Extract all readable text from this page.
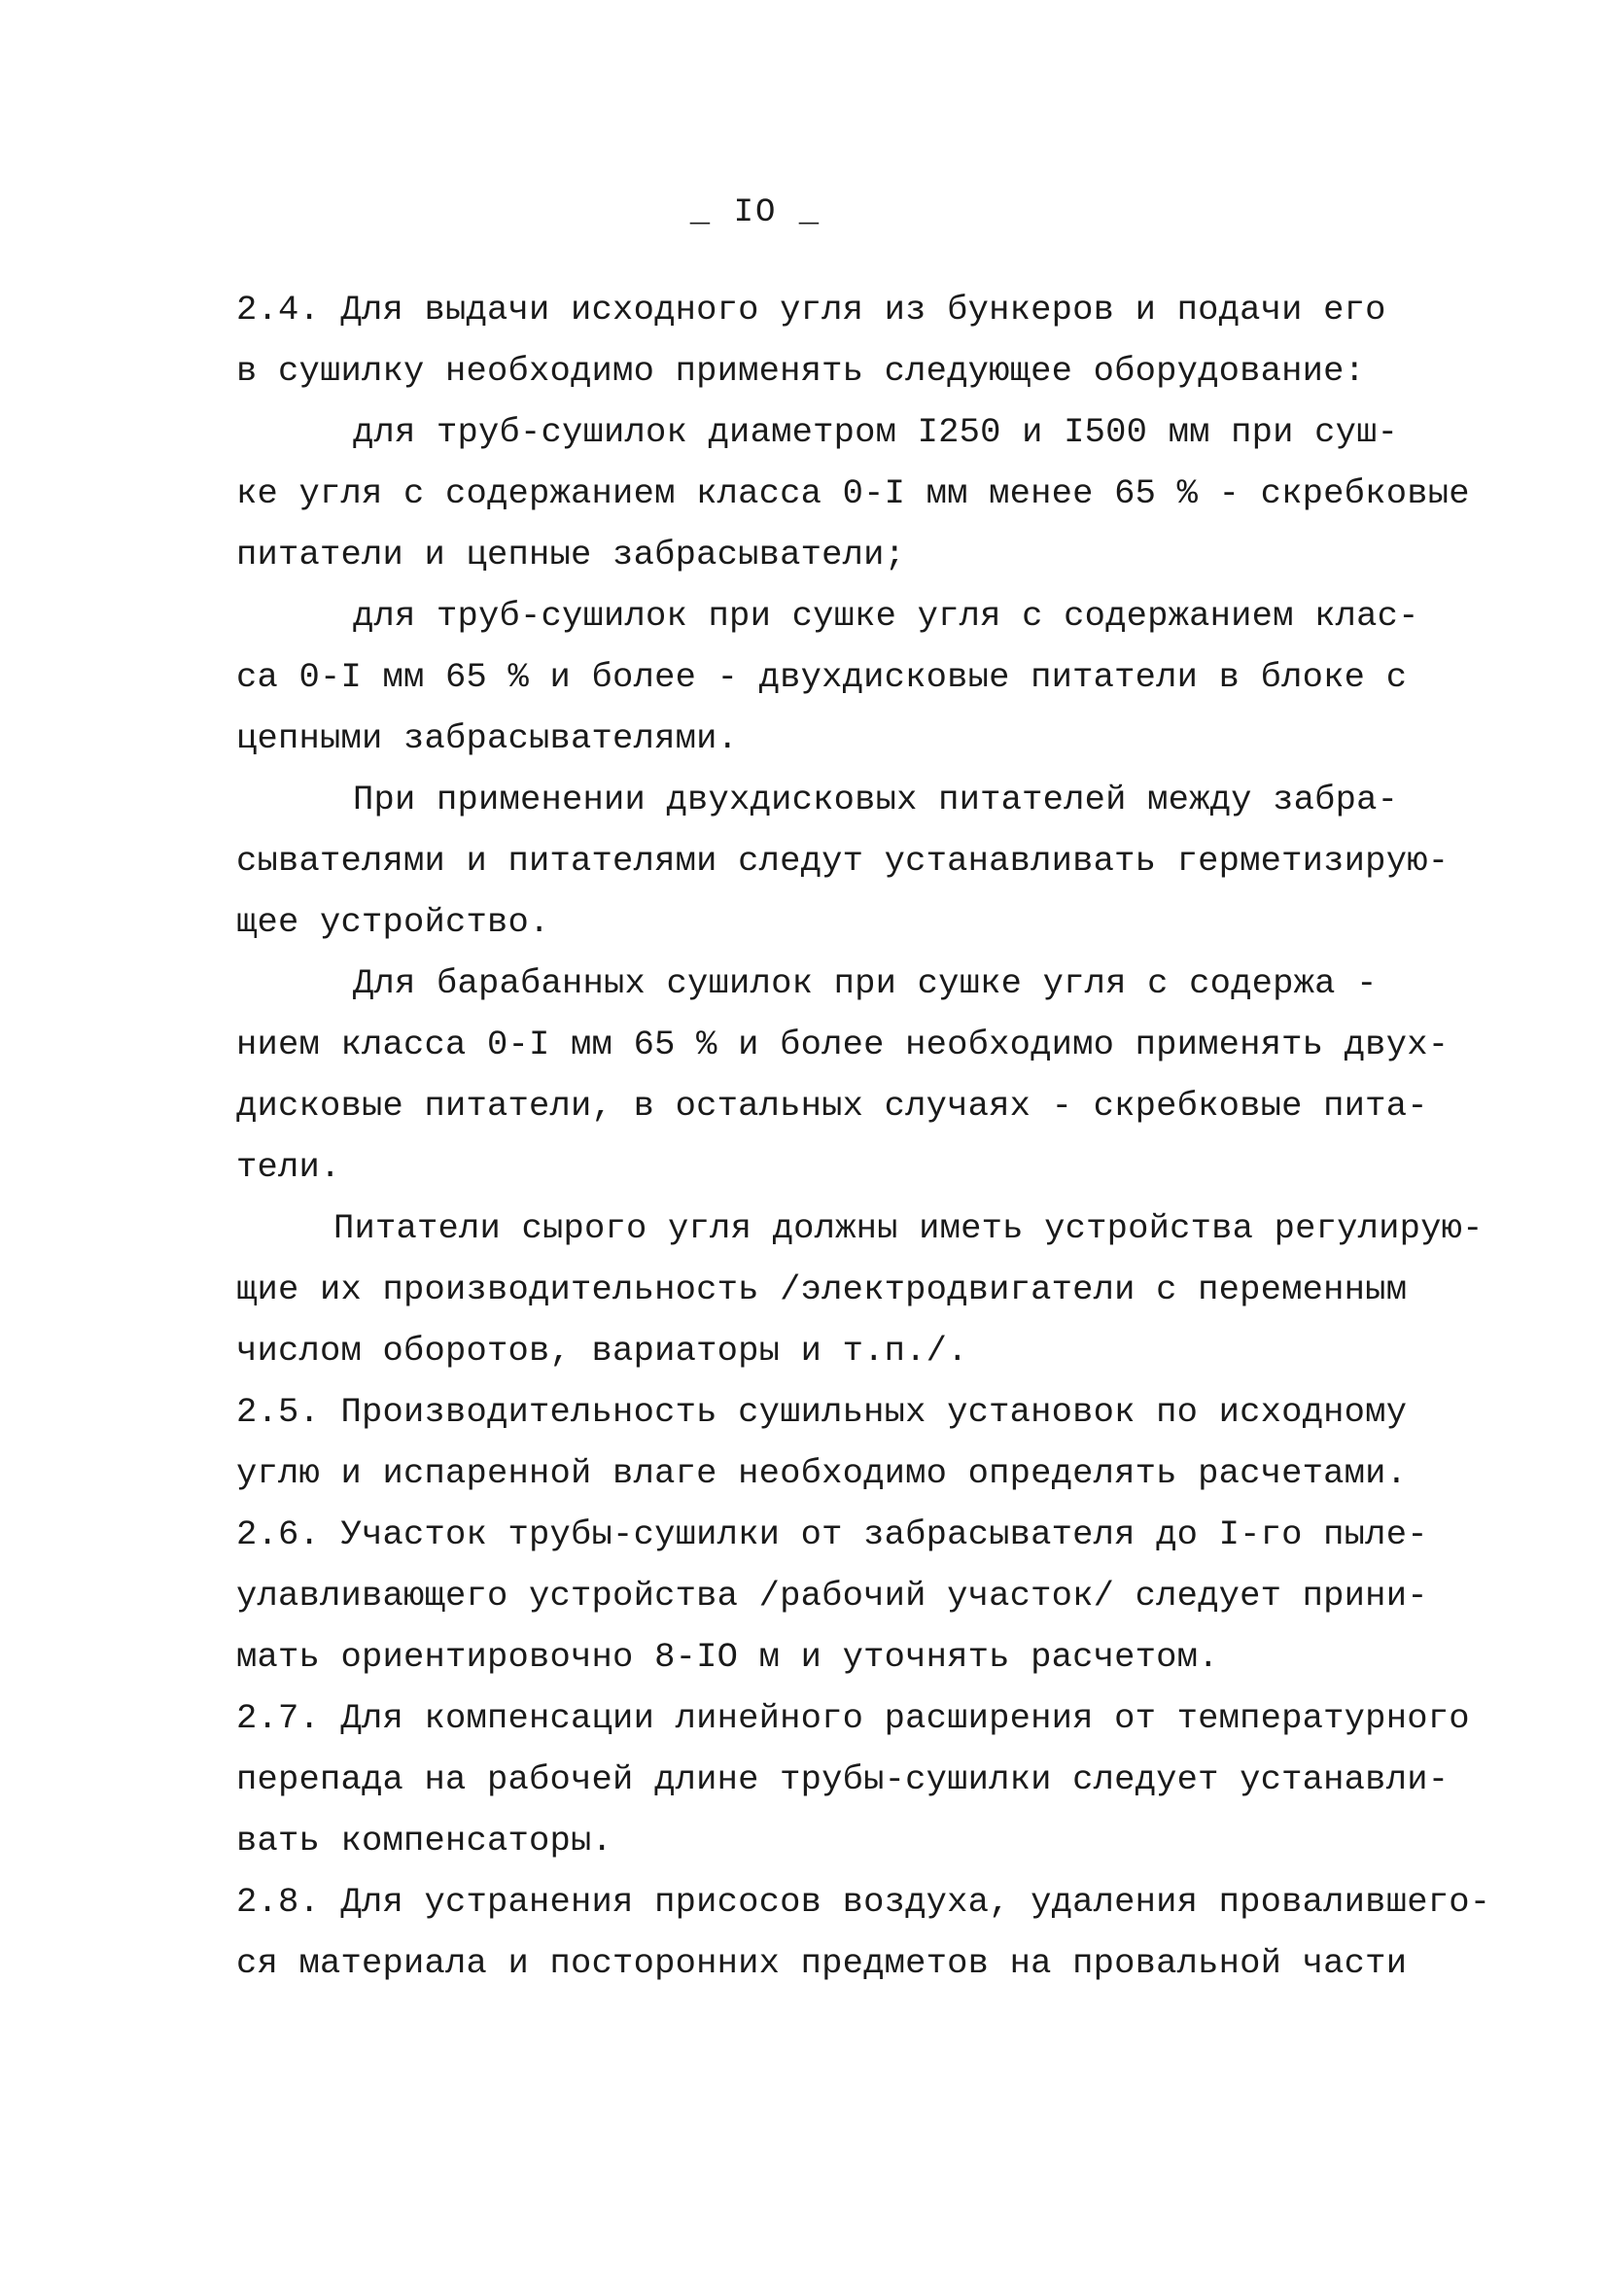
_ IO _
2.4. Для выдачи исходного угля из бункеров и подачи его
в сушилку необходимо применять следующее оборудование:
для труб-сушилок диаметром I250 и I500 мм при суш-
ке угля с содержанием класса 0-I мм менее 65 % - скребковые
питатели и цепные забрасыватели;
для труб-сушилок при сушке угля с содержанием клас-
са 0-I мм 65 % и более - двухдисковые питатели в блоке с
цепными забрасывателями.
При применении двухдисковых питателей между забра-
сывателями и питателями следут устанавливать герметизирую-
щее устройство.
Для барабанных сушилок при сушке угля с содержа -
нием класса 0-I мм 65 % и более необходимо применять двух-
дисковые питатели, в остальных случаях - скребковые пита-
тели.
Питатели сырого угля должны иметь устройства регулирую-
щие их производительность /электродвигатели с переменным
числом оборотов, вариаторы и т.п./.
2.5. Производительность сушильных установок по исходному
углю и испаренной влаге необходимо определять расчетами.
2.6. Участок трубы-сушилки от забрасывателя до I-го пыле-
улавливающего устройства /рабочий участок/ следует прини-
мать ориентировочно 8-IO м и уточнять расчетом.
2.7. Для компенсации линейного расширения от температурного
перепада на рабочей длине трубы-сушилки следует устанавли-
вать компенсаторы.
2.8. Для устранения присосов воздуха, удаления провалившего-
ся материала и посторонних предметов на провальной части
